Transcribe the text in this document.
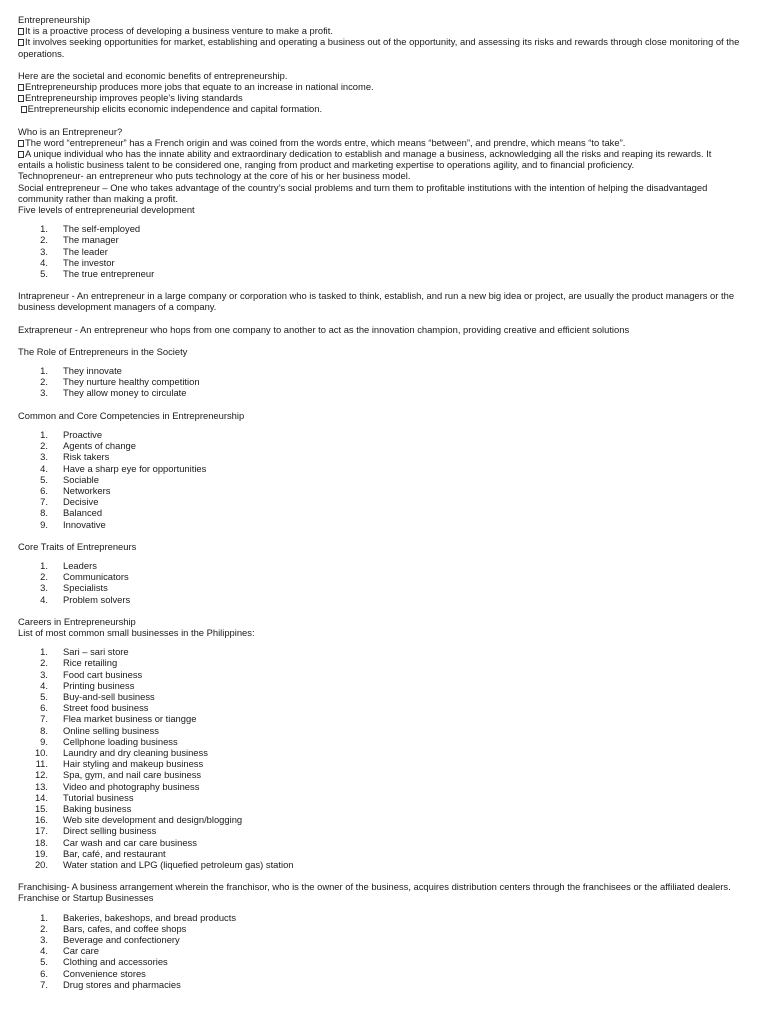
Entrepreneurship
It is a proactive process of developing a business venture to make a profit.
It involves seeking opportunities for market, establishing and operating a business out of the opportunity, and assessing its risks and rewards through close monitoring of the operations.
Here are the societal and economic benefits of entrepreneurship.
Entrepreneurship produces more jobs that equate to an increase in national income.
Entrepreneurship improves people’s living standards
Entrepreneurship elicits economic independence and capital formation.
Who is an Entrepreneur?
The word “entrepreneur” has a French origin and was coined from the words entre, which means “between”, and prendre, which means “to take”.
A unique individual who has the innate ability and extraordinary dedication to establish and manage a business, acknowledging all the risks and reaping its rewards. It entails a holistic business talent to be considered one, ranging from product and marketing expertise to operations agility, and to financial proficiency.
Technopreneur- an entrepreneur who puts technology at the core of his or her business model.
Social entrepreneur – One who takes advantage of the country’s social problems and turn them to profitable institutions with the intention of helping the disadvantaged community rather than making a profit.
Five levels of entrepreneurial development
1. The self-employed
2. The manager
3. The leader
4. The investor
5. The true entrepreneur
Intrapreneur - An entrepreneur in a large company or corporation who is tasked to think, establish, and run a new big idea or project, are usually the product managers or the business development managers of a company.
Extrapreneur - An entrepreneur who hops from one company to another to act as the innovation champion, providing creative and efficient solutions
The Role of Entrepreneurs in the Society
1. They innovate
2. They nurture healthy competition
3. They allow money to circulate
Common and Core Competencies in Entrepreneurship
1. Proactive
2. Agents of change
3. Risk takers
4. Have a sharp eye for opportunities
5. Sociable
6. Networkers
7. Decisive
8. Balanced
9. Innovative
Core Traits of Entrepreneurs
1. Leaders
2. Communicators
3. Specialists
4. Problem solvers
Careers in Entrepreneurship
List of most common small businesses in the Philippines:
1. Sari – sari store
2. Rice retailing
3. Food cart business
4. Printing business
5. Buy-and-sell business
6. Street food business
7. Flea market business or tiangge
8. Online selling business
9. Cellphone loading business
10. Laundry and dry cleaning business
11. Hair styling and makeup business
12. Spa, gym, and nail care business
13. Video and photography business
14. Tutorial business
15. Baking business
16. Web site development and design/blogging
17. Direct selling business
18. Car wash and car care business
19. Bar, café, and restaurant
20. Water station and LPG (liquefied petroleum gas) station
Franchising- A business arrangement wherein the franchisor, who is the owner of the business, acquires distribution centers through the franchisees or the affiliated dealers. Franchise or Startup Businesses
1. Bakeries, bakeshops, and bread products
2. Bars, cafes, and coffee shops
3. Beverage and confectionery
4. Car care
5. Clothing and accessories
6. Convenience stores
7. Drug stores and pharmacies
